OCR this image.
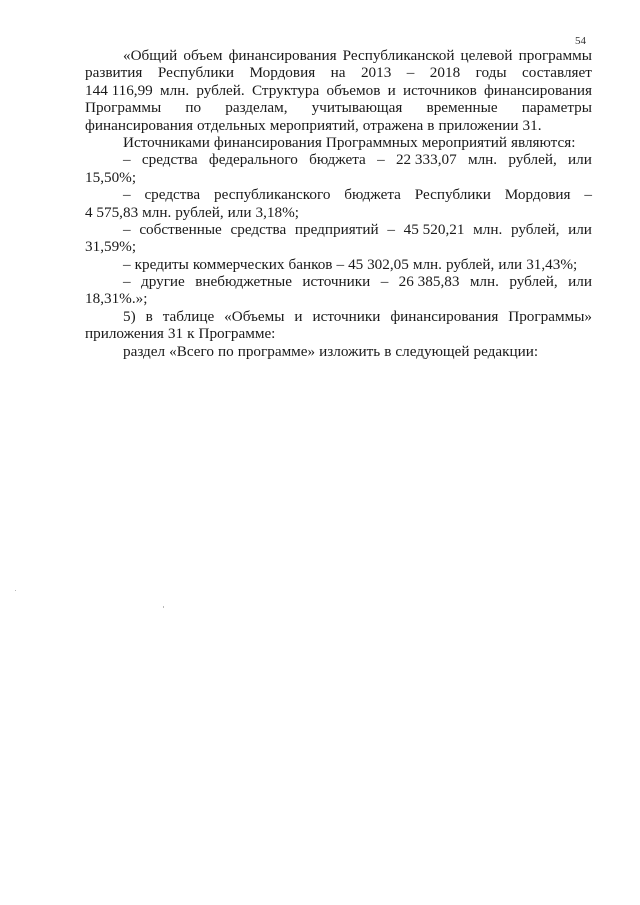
54
«Общий объем финансирования Республиканской целевой программы
развития Республики Мордовия на 2013 – 2018 годы составляет
144 116,99 млн. рублей. Структура объемов и источников финансирования
Программы по разделам, учитывающая временные параметры
финансирования отдельных мероприятий, отражена в приложении 31.
Источниками финансирования Программных мероприятий являются:
– средства федерального бюджета – 22 333,07 млн. рублей, или
15,50%;
– средства республиканского бюджета Республики Мордовия –
4 575,83 млн. рублей, или 3,18%;
– собственные средства предприятий – 45 520,21 млн. рублей, или
31,59%;
– кредиты коммерческих банков – 45 302,05 млн. рублей, или 31,43%;
– другие внебюджетные источники – 26 385,83 млн. рублей, или
18,31%.»;
5) в таблице «Объемы и источники финансирования Программы»
приложения 31 к Программе:
раздел «Всего по программе» изложить в следующей редакции:
